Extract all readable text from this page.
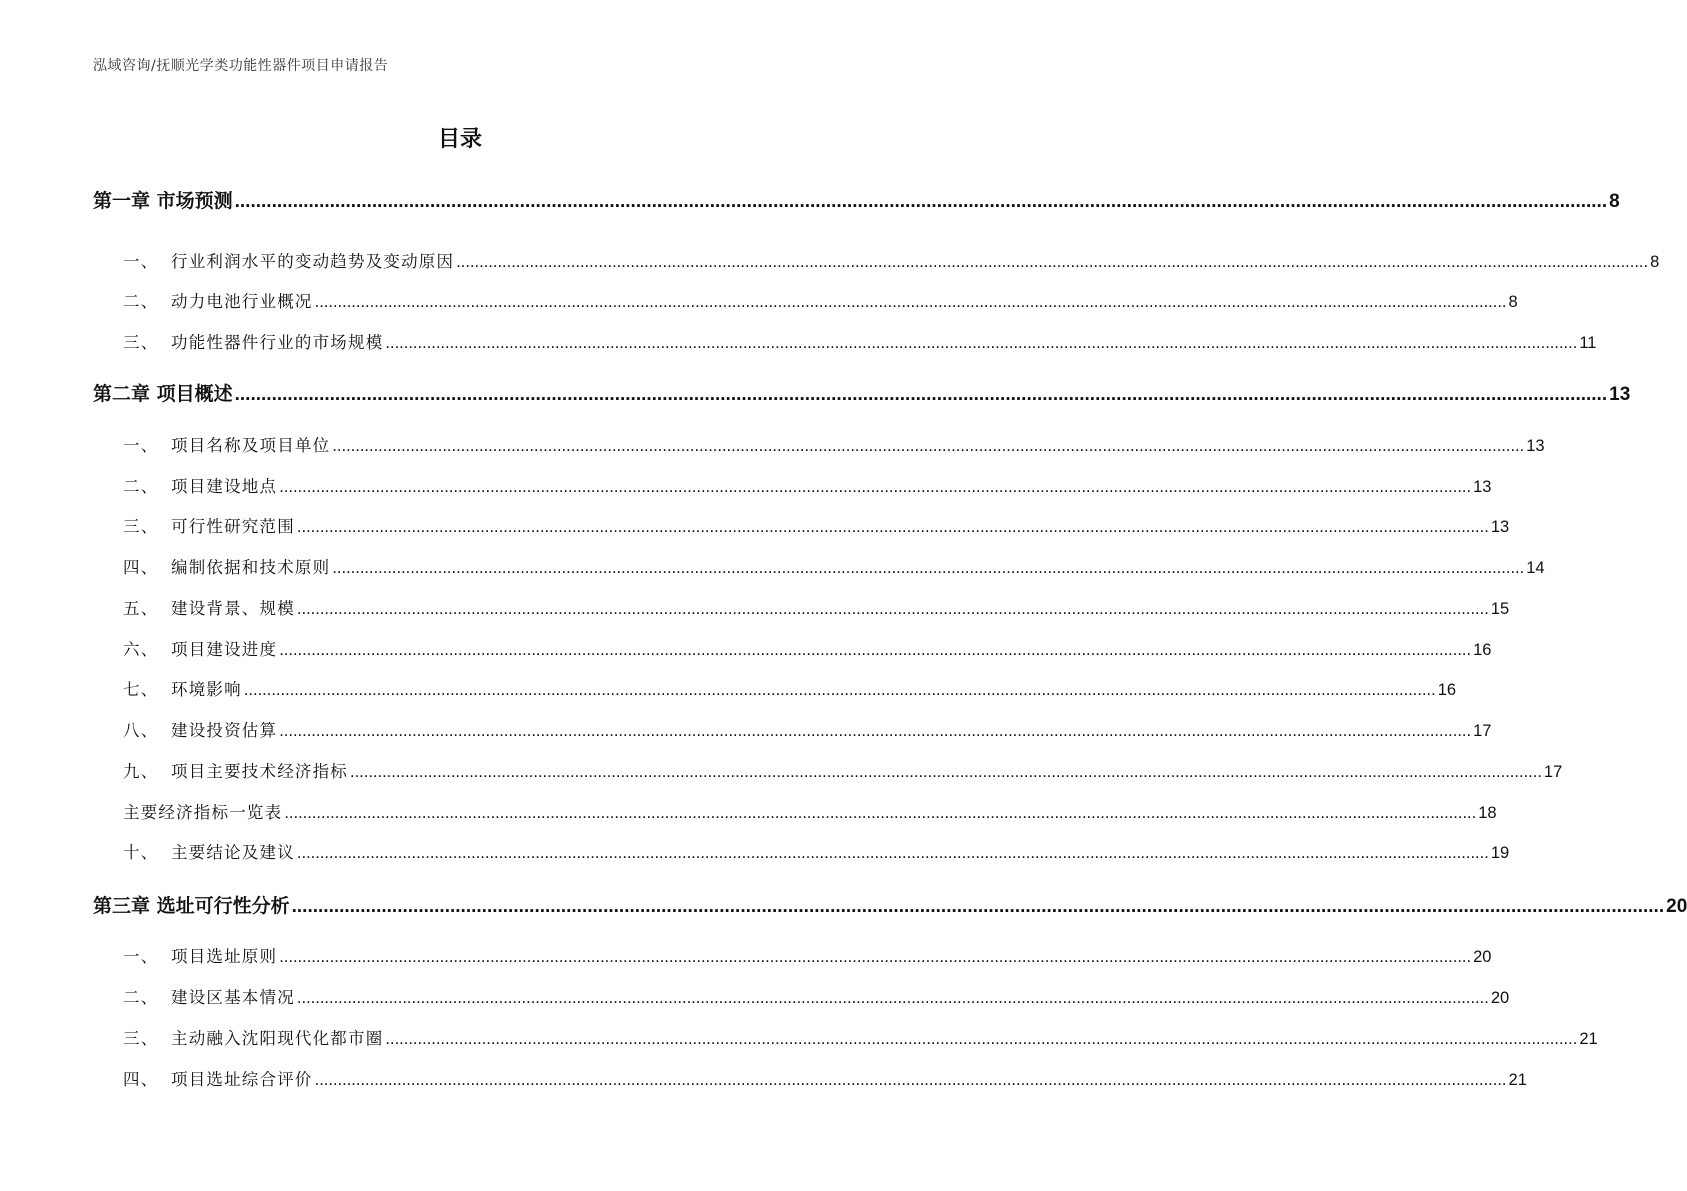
泓域咨询/抚顺光学类功能性器件项目申请报告
目录
第一章 市场预测 .................................................................................................................................................................................................................................................................... 8
一、 行业利润水平的变动趋势及变动原因 .................................................................................................................................................................................................................................................................... 8
二、 动力电池行业概况 .................................................................................................................................................................................................................................................................... 8
三、 功能性器件行业的市场规模 .................................................................................................................................................................................................................................................................... 11
第二章 项目概述 .................................................................................................................................................................................................................................................................... 13
一、 项目名称及项目单位 .................................................................................................................................................................................................................................................................... 13
二、 项目建设地点 .................................................................................................................................................................................................................................................................... 13
三、 可行性研究范围 .................................................................................................................................................................................................................................................................... 13
四、 编制依据和技术原则 .................................................................................................................................................................................................................................................................... 14
五、 建设背景、规模 .................................................................................................................................................................................................................................................................... 15
六、 项目建设进度 .................................................................................................................................................................................................................................................................... 16
七、 环境影响 .................................................................................................................................................................................................................................................................... 16
八、 建设投资估算 .................................................................................................................................................................................................................................................................... 17
九、 项目主要技术经济指标 .................................................................................................................................................................................................................................................................... 17
主要经济指标一览表 .................................................................................................................................................................................................................................................................... 18
十、 主要结论及建议 .................................................................................................................................................................................................................................................................... 19
第三章 选址可行性分析 .................................................................................................................................................................................................................................................................... 20
一、 项目选址原则 .................................................................................................................................................................................................................................................................... 20
二、 建设区基本情况 .................................................................................................................................................................................................................................................................... 20
三、 主动融入沈阳现代化都市圈 .................................................................................................................................................................................................................................................................... 21
四、 项目选址综合评价 .................................................................................................................................................................................................................................................................... 21
